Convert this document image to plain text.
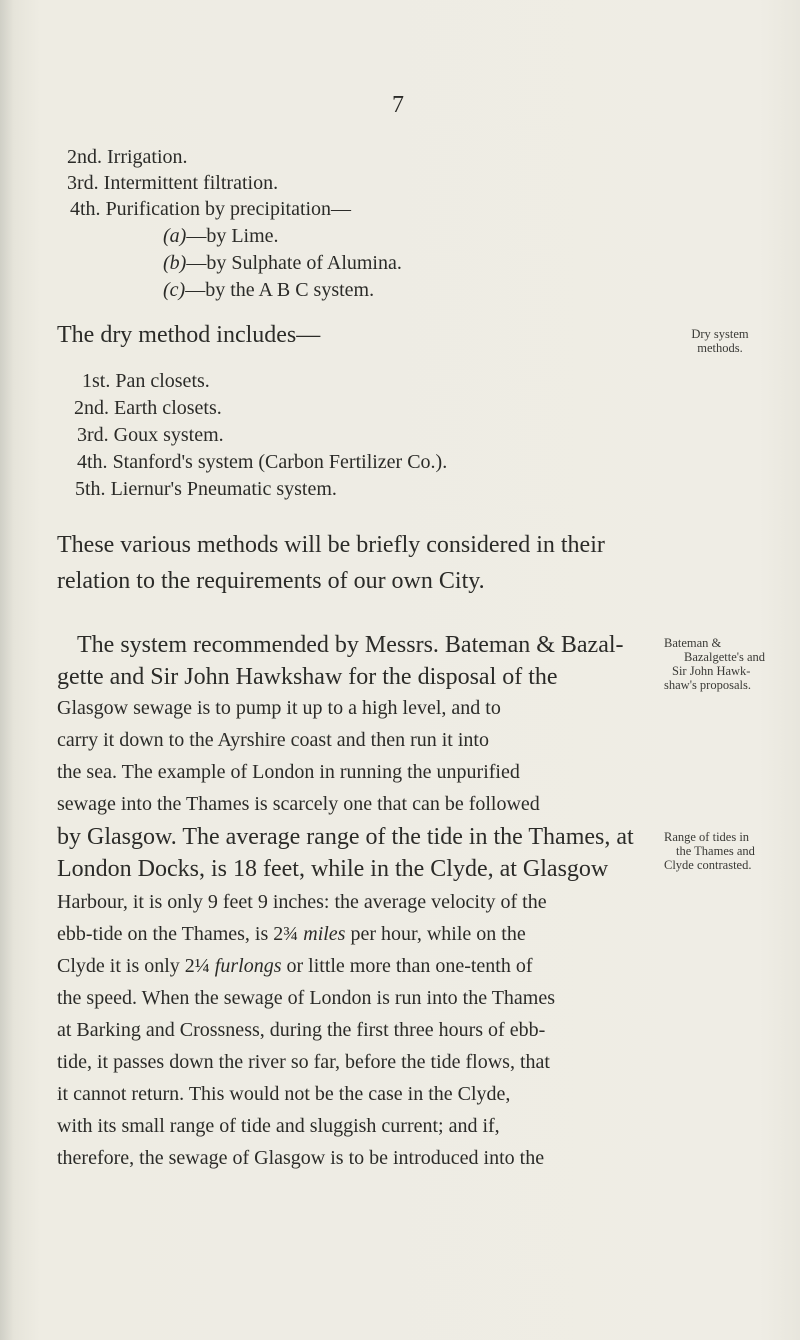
7
2nd. Irrigation.
3rd. Intermittent filtration.
4th. Purification by precipitation—
(a)—by Lime.
(b)—by Sulphate of Alumina.
(c)—by the A B C system.
The dry method includes—	Dry system
methods.
1st. Pan closets.
2nd. Earth closets.
3rd. Goux system.
4th. Stanford's system (Carbon Fertilizer Co.).
5th. Liernur's Pneumatic system.
These various methods will be briefly considered in their
relation to the requirements of our own City.
The system recommended by Messrs. Bateman & Bazal-
gette and Sir John Hawkshaw for the disposal of the
Glasgow sewage is to pump it up to a high level, and to
carry it down to the Ayrshire coast and then run it into
the sea. The example of London in running the unpurified
sewage into the Thames is scarcely one that can be followed
by Glasgow. The average range of the tide in the Thames, at
London Docks, is 18 feet, while in the Clyde, at Glasgow
Harbour, it is only 9 feet 9 inches: the average velocity of the
ebb-tide on the Thames, is 2¾ miles per hour, while on the
Clyde it is only 2¼ furlongs or little more than one-tenth of
the speed. When the sewage of London is run into the Thames
at Barking and Crossness, during the first three hours of ebb-
tide, it passes down the river so far, before the tide flows, that
it cannot return. This would not be the case in the Clyde,
with its small range of tide and sluggish current; and if,
therefore, the sewage of Glasgow is to be introduced into the
Bateman &
Bazalgette's and
Sir John Hawk-
shaw's proposals.
Range of tides in
the Thames and
Clyde contrasted.
